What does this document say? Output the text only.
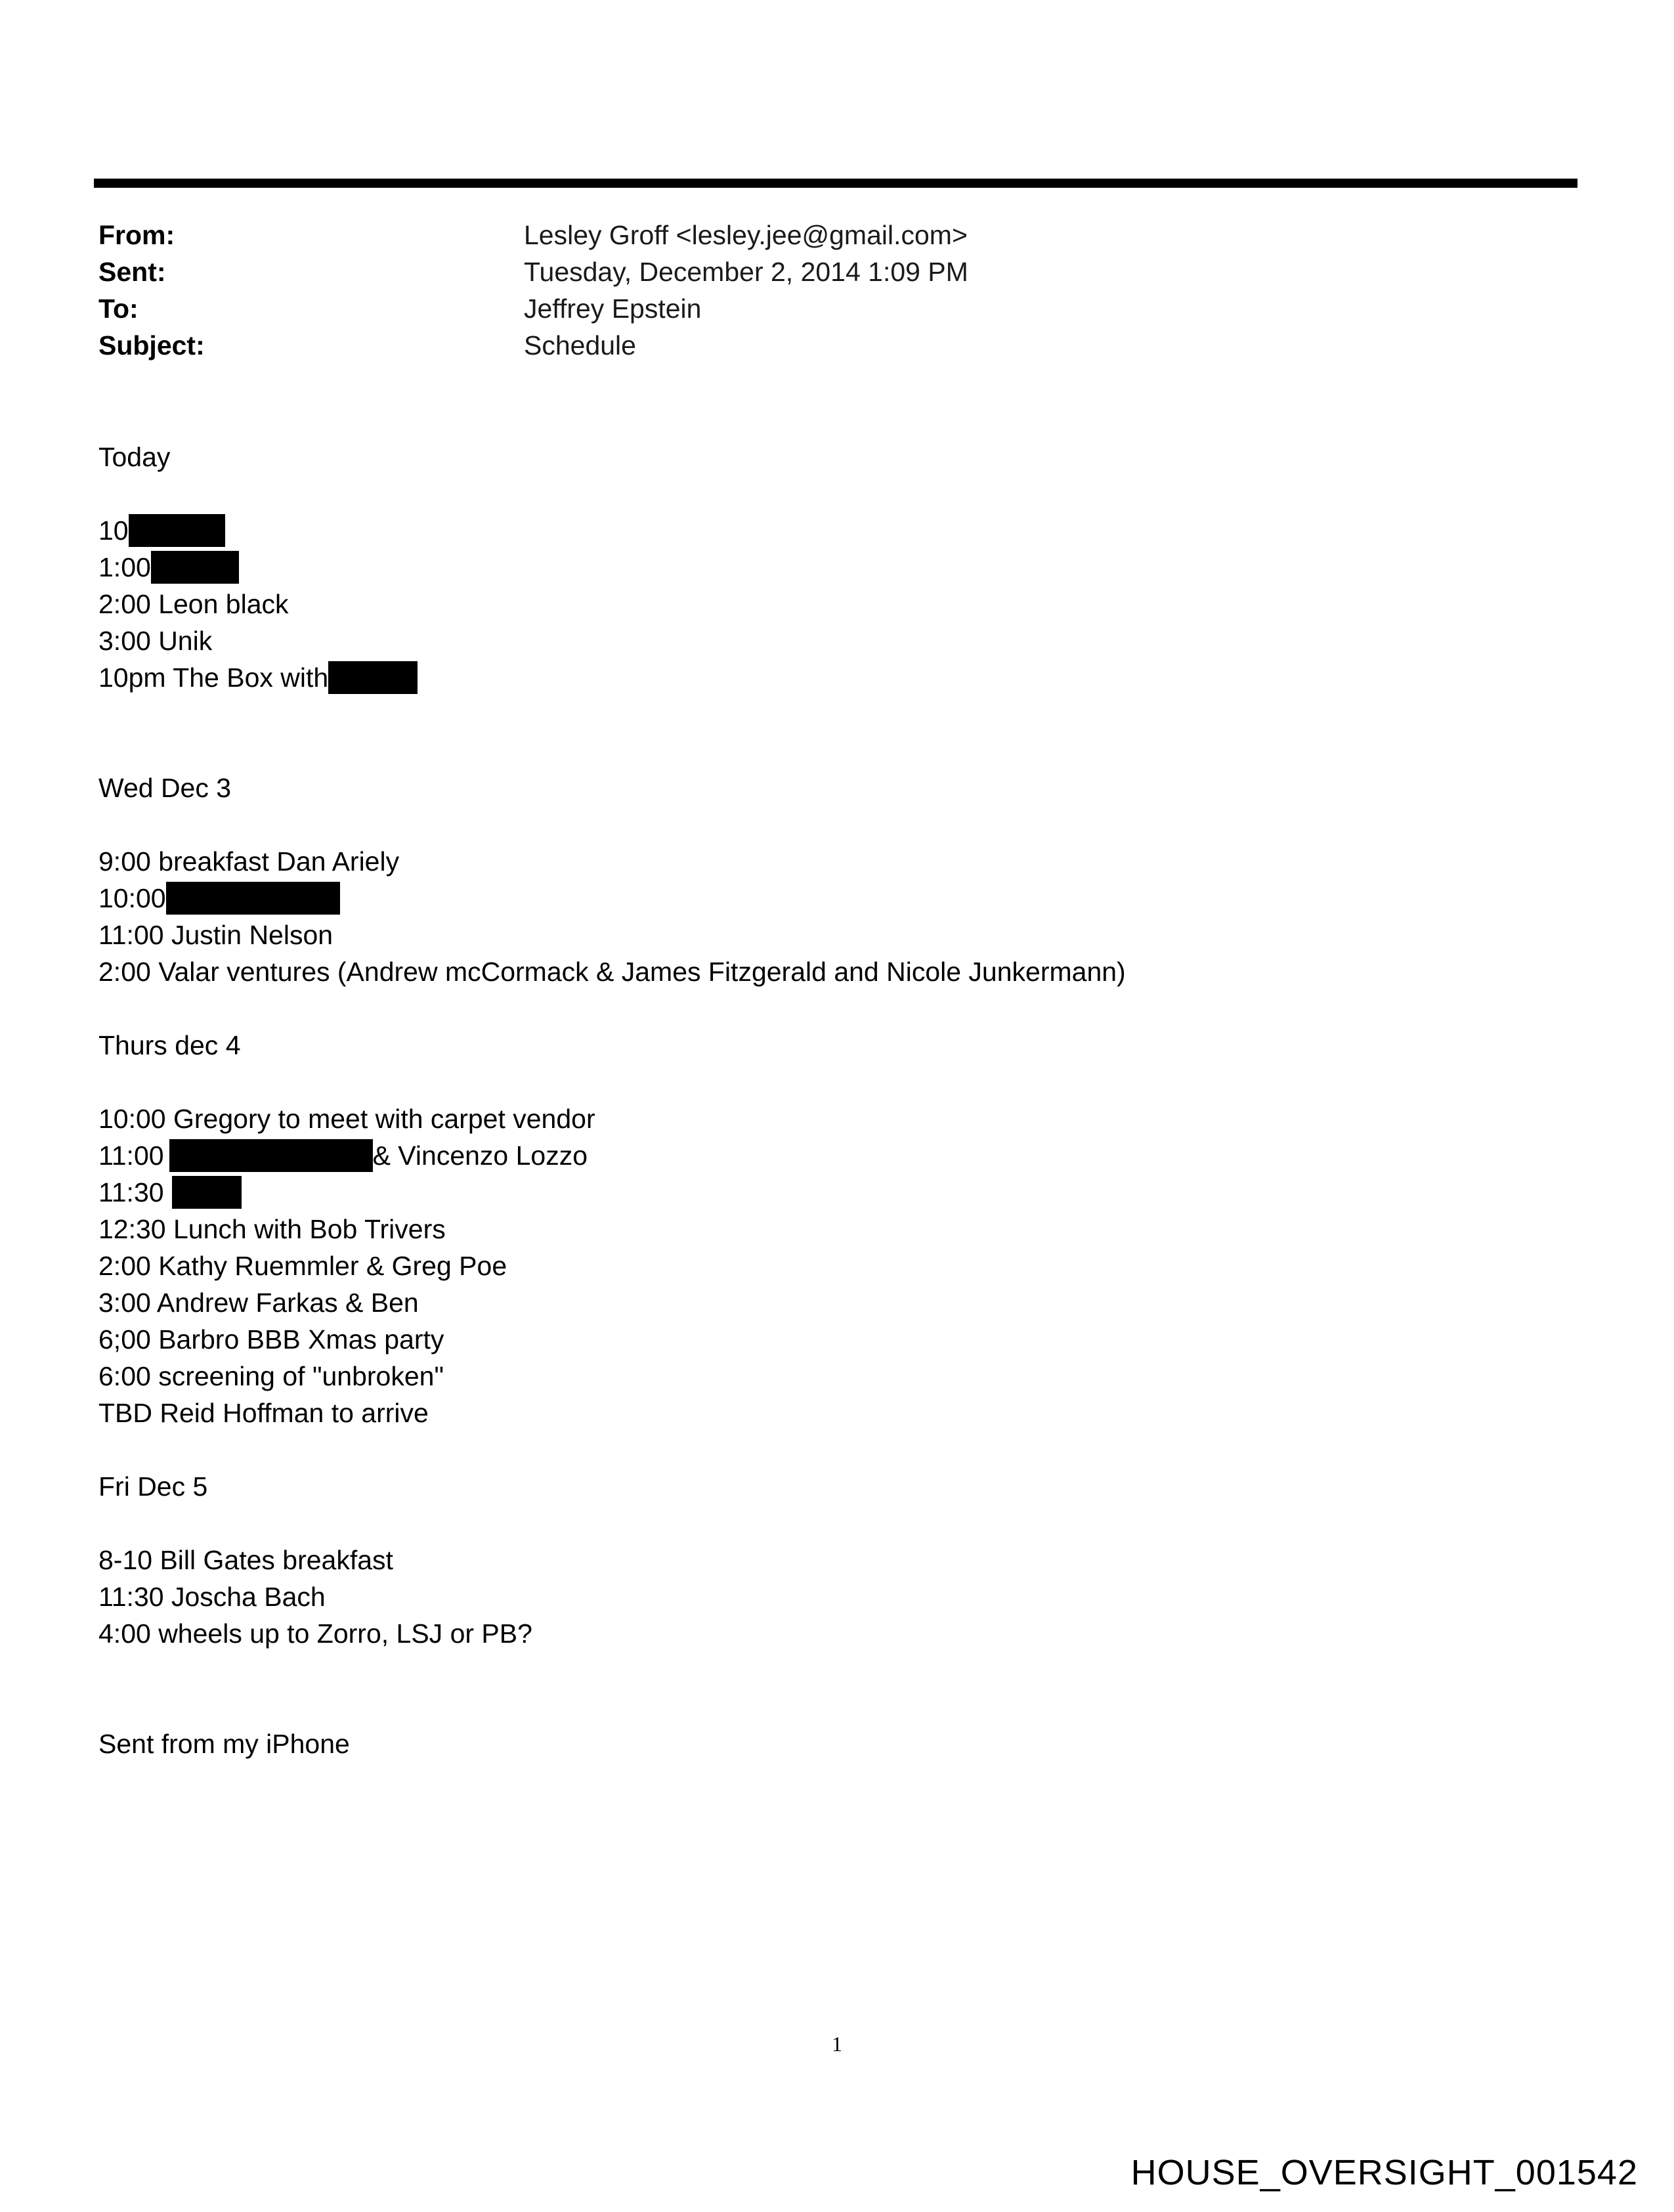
From:	Lesley Groff <lesley.jee@gmail.com>
Sent:	Tuesday, December 2, 2014 1:09 PM
To:	Jeffrey Epstein
Subject:	Schedule
Today
10
1:00
2:00 Leon black
3:00 Unik
10pm The Box with
Wed Dec 3
9:00 breakfast Dan Ariely
10:00
11:00 Justin Nelson
2:00 Valar ventures (Andrew mcCormack & James Fitzgerald and Nicole Junkermann)
Thurs dec 4
10:00 Gregory to meet with carpet vendor
11:00	& Vincenzo Lozzo
11:30
12:30 Lunch with Bob Trivers
2:00 Kathy Ruemmler & Greg Poe
3:00 Andrew Farkas & Ben
6;00 Barbro BBB Xmas party
6:00 screening of "unbroken"
TBD Reid Hoffman to arrive
Fri Dec 5
8-10 Bill Gates breakfast
11:30 Joscha Bach
4:00 wheels up to Zorro, LSJ or PB?
Sent from my iPhone
1
HOUSE_OVERSIGHT_001542
